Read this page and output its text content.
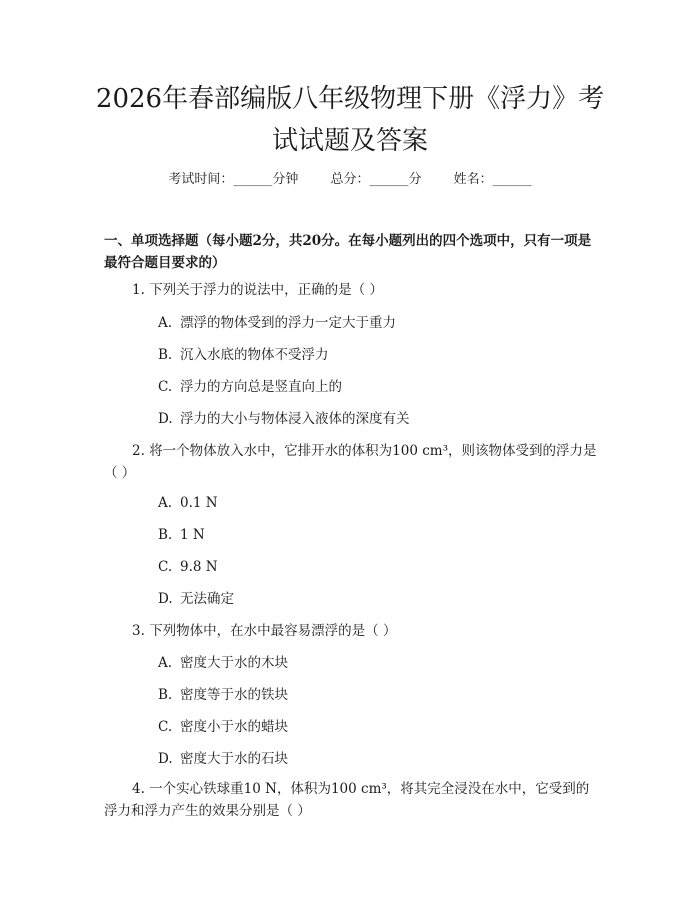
2026年春部编版八年级物理下册《浮力》考试试题及答案
考试时间：______分钟 总分：______分 姓名：______

一、单项选择题（每小题2分，共20分。在每小题列出的四个选项中，只有一项是最符合题目要求的）

1. 下列关于浮力的说法中，正确的是（ ）

A. 漂浮的物体受到的浮力一定大于重力
B. 沉入水底的物体不受浮力
C. 浮力的方向总是竖直向上的
D. 浮力的大小与物体浸入液体的深度有关

2. 将一个物体放入水中，它排开水的体积为100 cm³，则该物体受到的浮力是（ ）

A. 0.1 N
B. 1 N
C. 9.8 N
D. 无法确定

3. 下列物体中，在水中最容易漂浮的是（ ）

A. 密度大于水的木块
B. 密度等于水的铁块
C. 密度小于水的蜡块
D. 密度大于水的石块

4. 一个实心铁球重10 N，体积为100 cm³，将其完全浸没在水中，它受到的浮力和浮力产生的效果分别是（ ）
